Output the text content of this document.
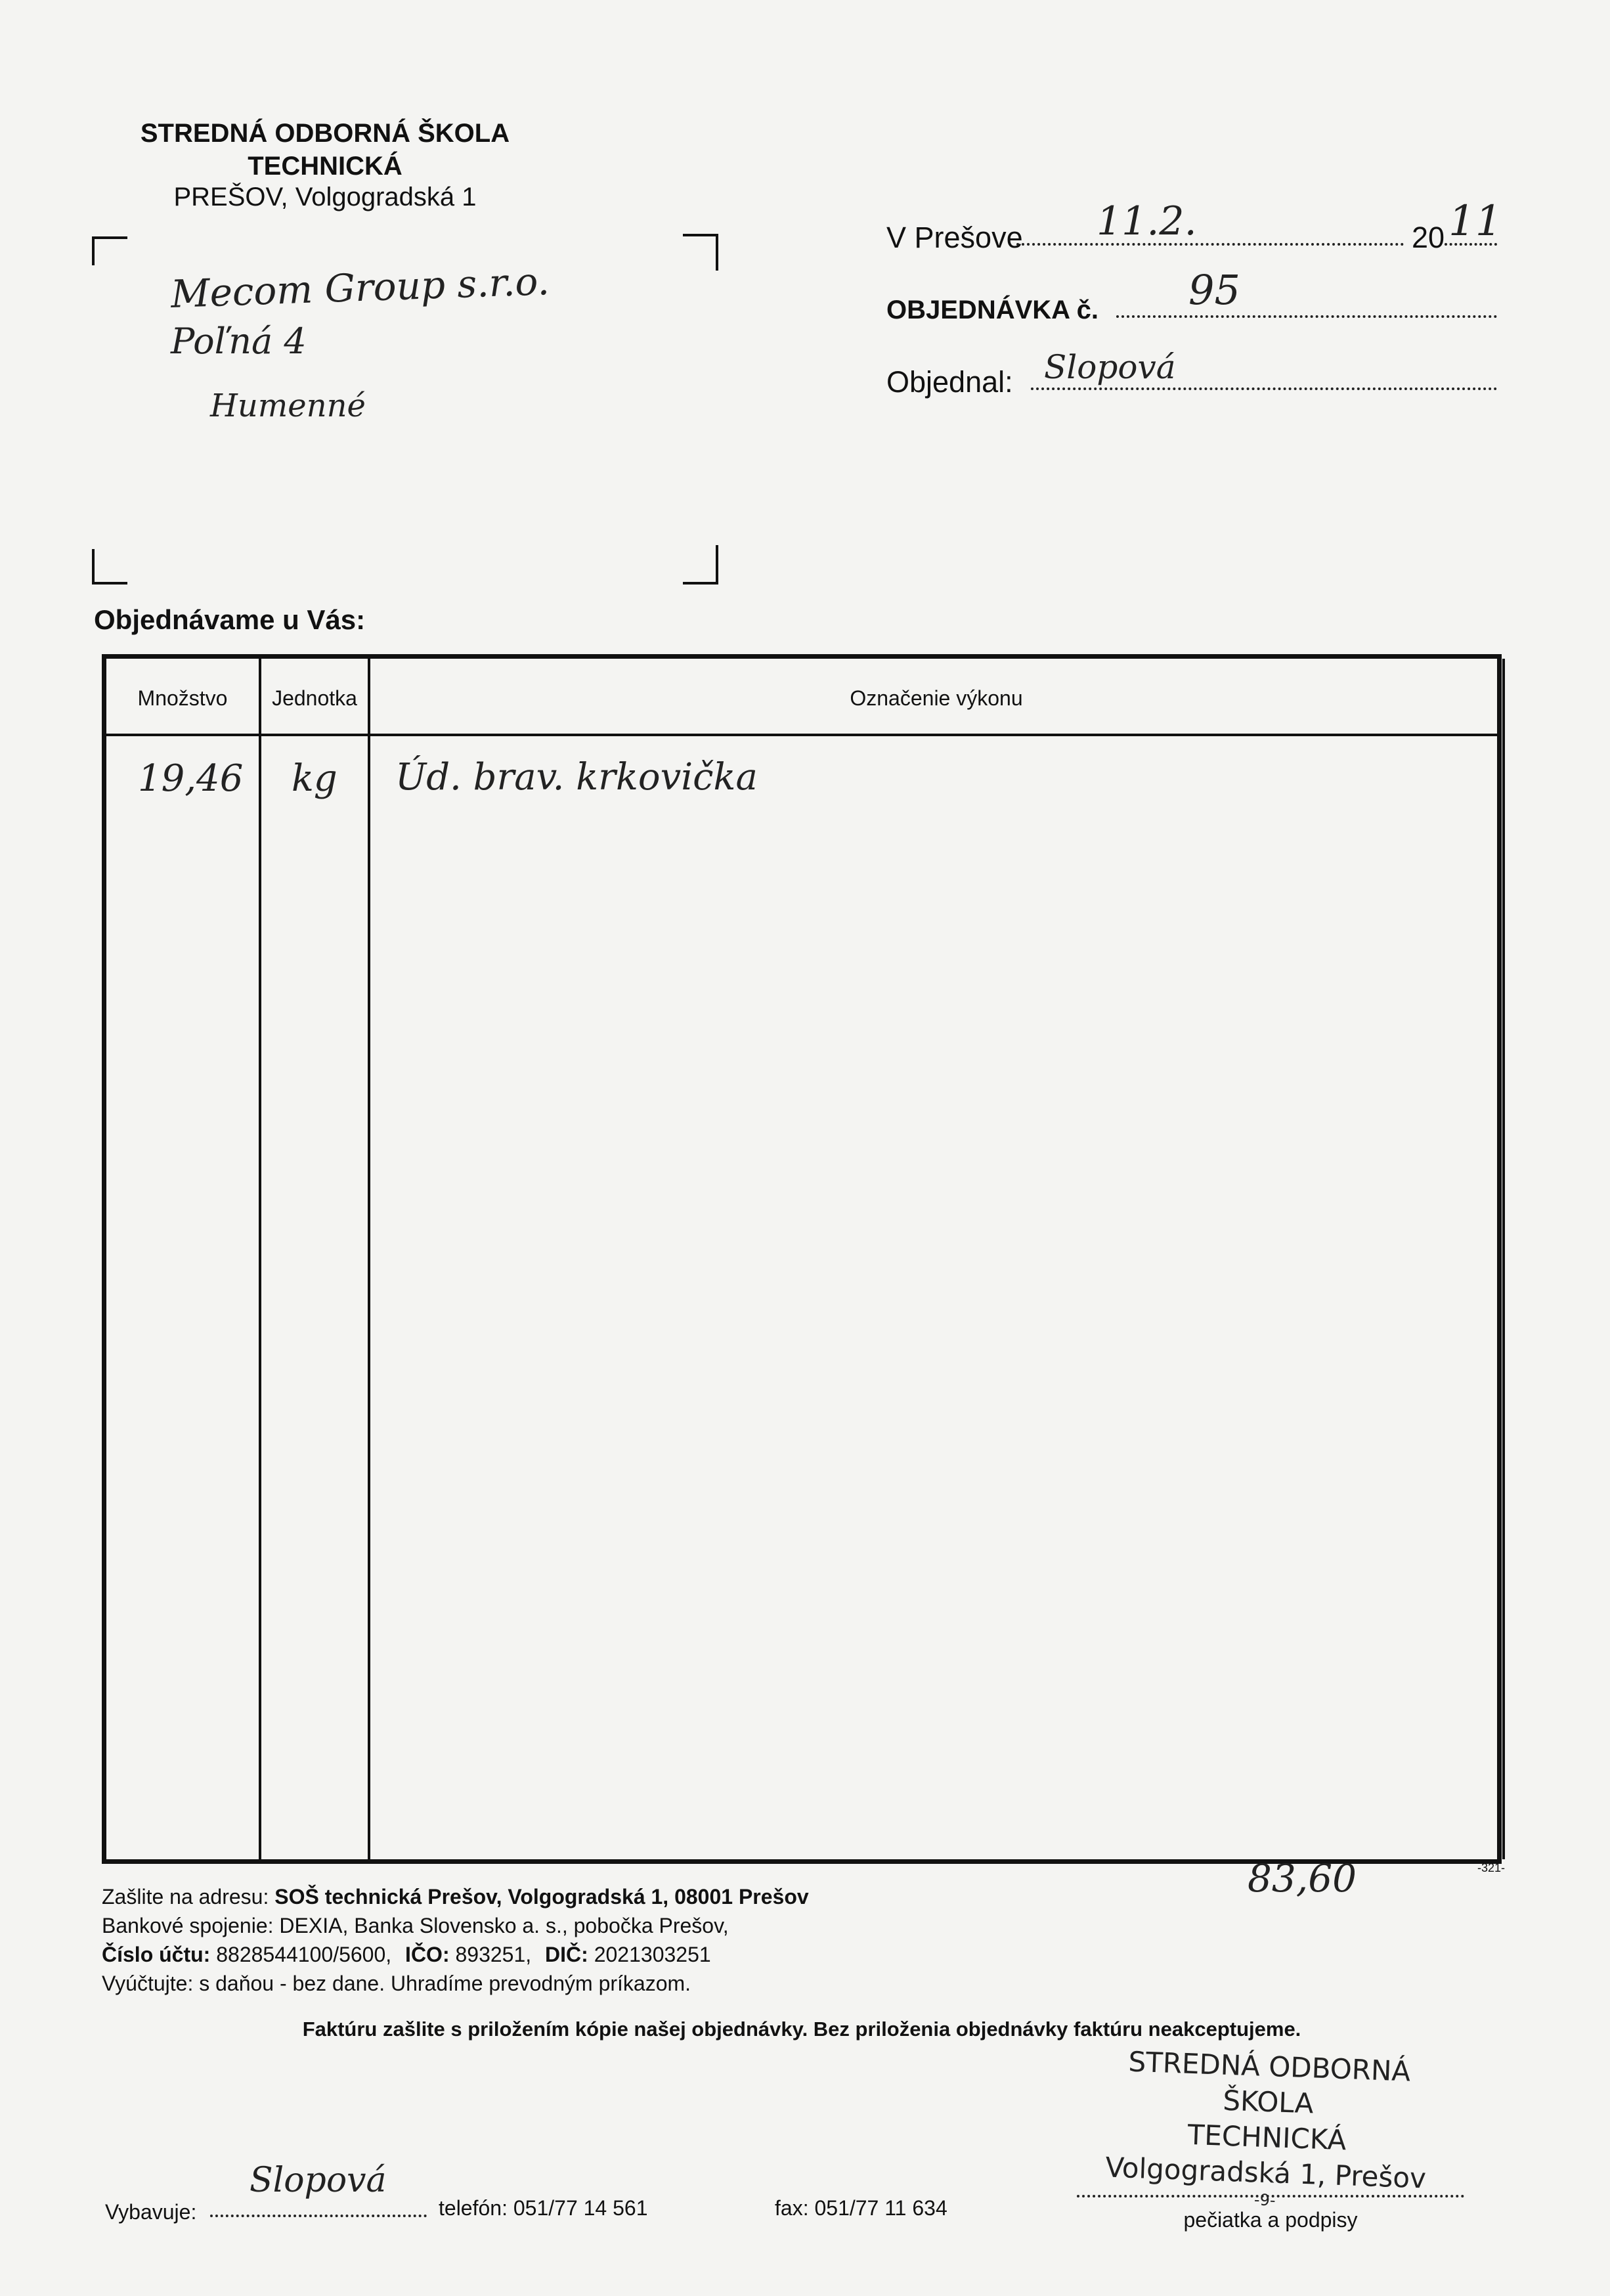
STREDNÁ ODBORNÁ ŠKOLA
TECHNICKÁ
PREŠOV, Volgogradská 1
Mecom Group s.r.o.
Poľná 4
Humenné
V Prešove 11.2.	20 11
OBJEDNÁVKA č. 95
Objednal: Slopová
Objednávame u Vás:
Množstvo	Jednotka	Označenie výkonu
19,46 kg Úd. brav. krkovička
-321-
83,60
Zašlite na adresu: SOŠ technická Prešov, Volgogradská 1, 08001 Prešov
Bankové spojenie: DEXIA, Banka Slovensko a. s., pobočka Prešov,
Číslo účtu: 8828544100/5600, IČO: 893251, DIČ: 2021303251
Vyúčtujte: s daňou - bez dane. Uhradíme prevodným príkazom.
Faktúru zašlite s priložením kópie našej objednávky. Bez priloženia objednávky faktúru neakceptujeme.
STREDNÁ ODBORNÁ ŠKOLA
TECHNICKÁ
Volgogradská 1, Prešov
-9-
Vybavuje:
Slopová
telefón: 051/77 14 561	fax: 051/77 11 634	pečiatka a podpisy
